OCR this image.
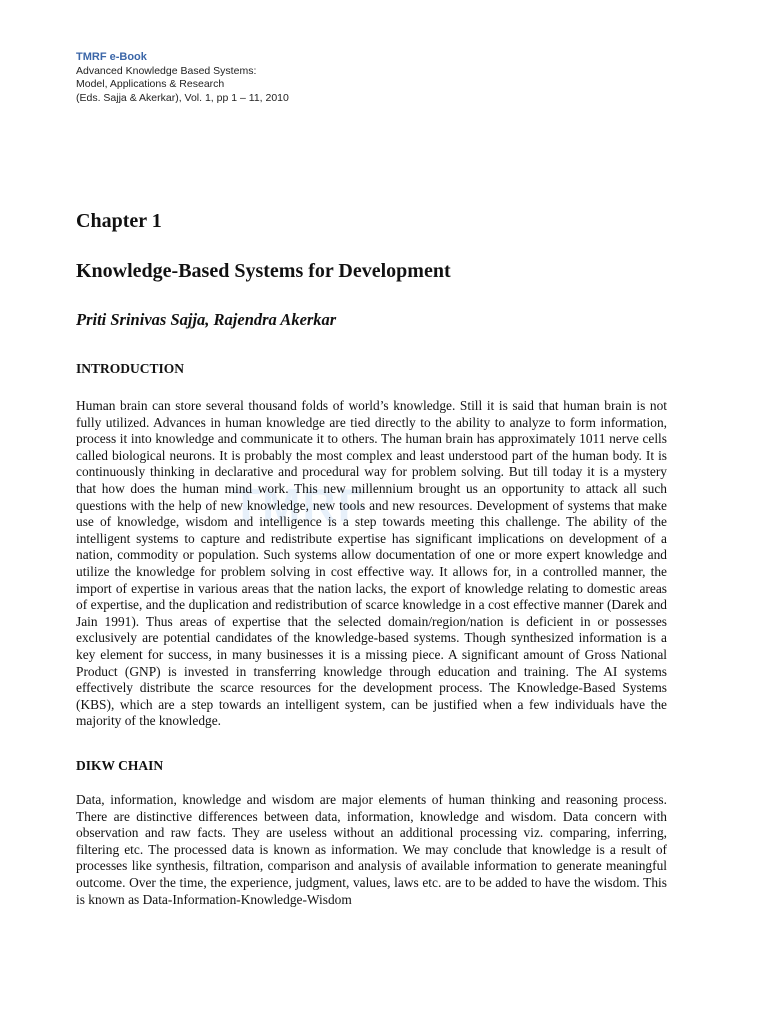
TMRF e-Book
Advanced Knowledge Based Systems:
Model, Applications & Research
(Eds. Sajja & Akerkar), Vol. 1, pp 1 – 11, 2010
TMRF
Chapter 1
Knowledge-Based Systems for Development
Priti Srinivas Sajja, Rajendra Akerkar
INTRODUCTION

Human brain can store several thousand folds of world’s knowledge. Still it is said that human brain is not fully utilized. Advances in human knowledge are tied directly to the ability to analyze to form information, process it into knowledge and communicate it to others. The human brain has approximately 1011 nerve cells called biological neurons. It is probably the most complex and least understood part of the human body. It is continuously thinking in declarative and procedural way for problem solving. But till today it is a mystery that how does the human mind work. This new millennium brought us an opportunity to attack all such questions with the help of new knowledge, new tools and new resources. Development of systems that make use of knowledge, wisdom and intelligence is a step towards meeting this challenge. The ability of the intelligent systems to capture and redistribute expertise has significant implications on development of a nation, commodity or population. Such systems allow documentation of one or more expert knowledge and utilize the knowledge for problem solving in cost effective way. It allows for, in a controlled manner, the import of expertise in various areas that the nation lacks, the export of knowledge relating to domestic areas of expertise, and the duplication and redistribution of scarce knowledge in a cost effective manner (Darek and Jain 1991). Thus areas of expertise that the selected domain/region/nation is deficient in or possesses exclusively are potential candidates of the knowledge-based systems. Though synthesized information is a key element for success, in many businesses it is a missing piece. A significant amount of Gross National Product (GNP) is invested in transferring knowledge through education and training. The AI systems effectively distribute the scarce resources for the development process. The Knowledge-Based Systems (KBS), which are a step towards an intelligent system, can be justified when a few individuals have the majority of the knowledge.

DIKW CHAIN

Data, information, knowledge and wisdom are major elements of human thinking and reasoning process. There are distinctive differences between data, information, knowledge and wisdom. Data concern with observation and raw facts. They are useless without an additional processing viz. comparing, inferring, filtering etc. The processed data is known as information. We may conclude that knowledge is a result of processes like synthesis, filtration, comparison and analysis of available information to generate meaningful outcome. Over the time, the experience, judgment, values, laws etc. are to be added to have the wisdom. This is known as Data-Information-Knowledge-Wisdom
